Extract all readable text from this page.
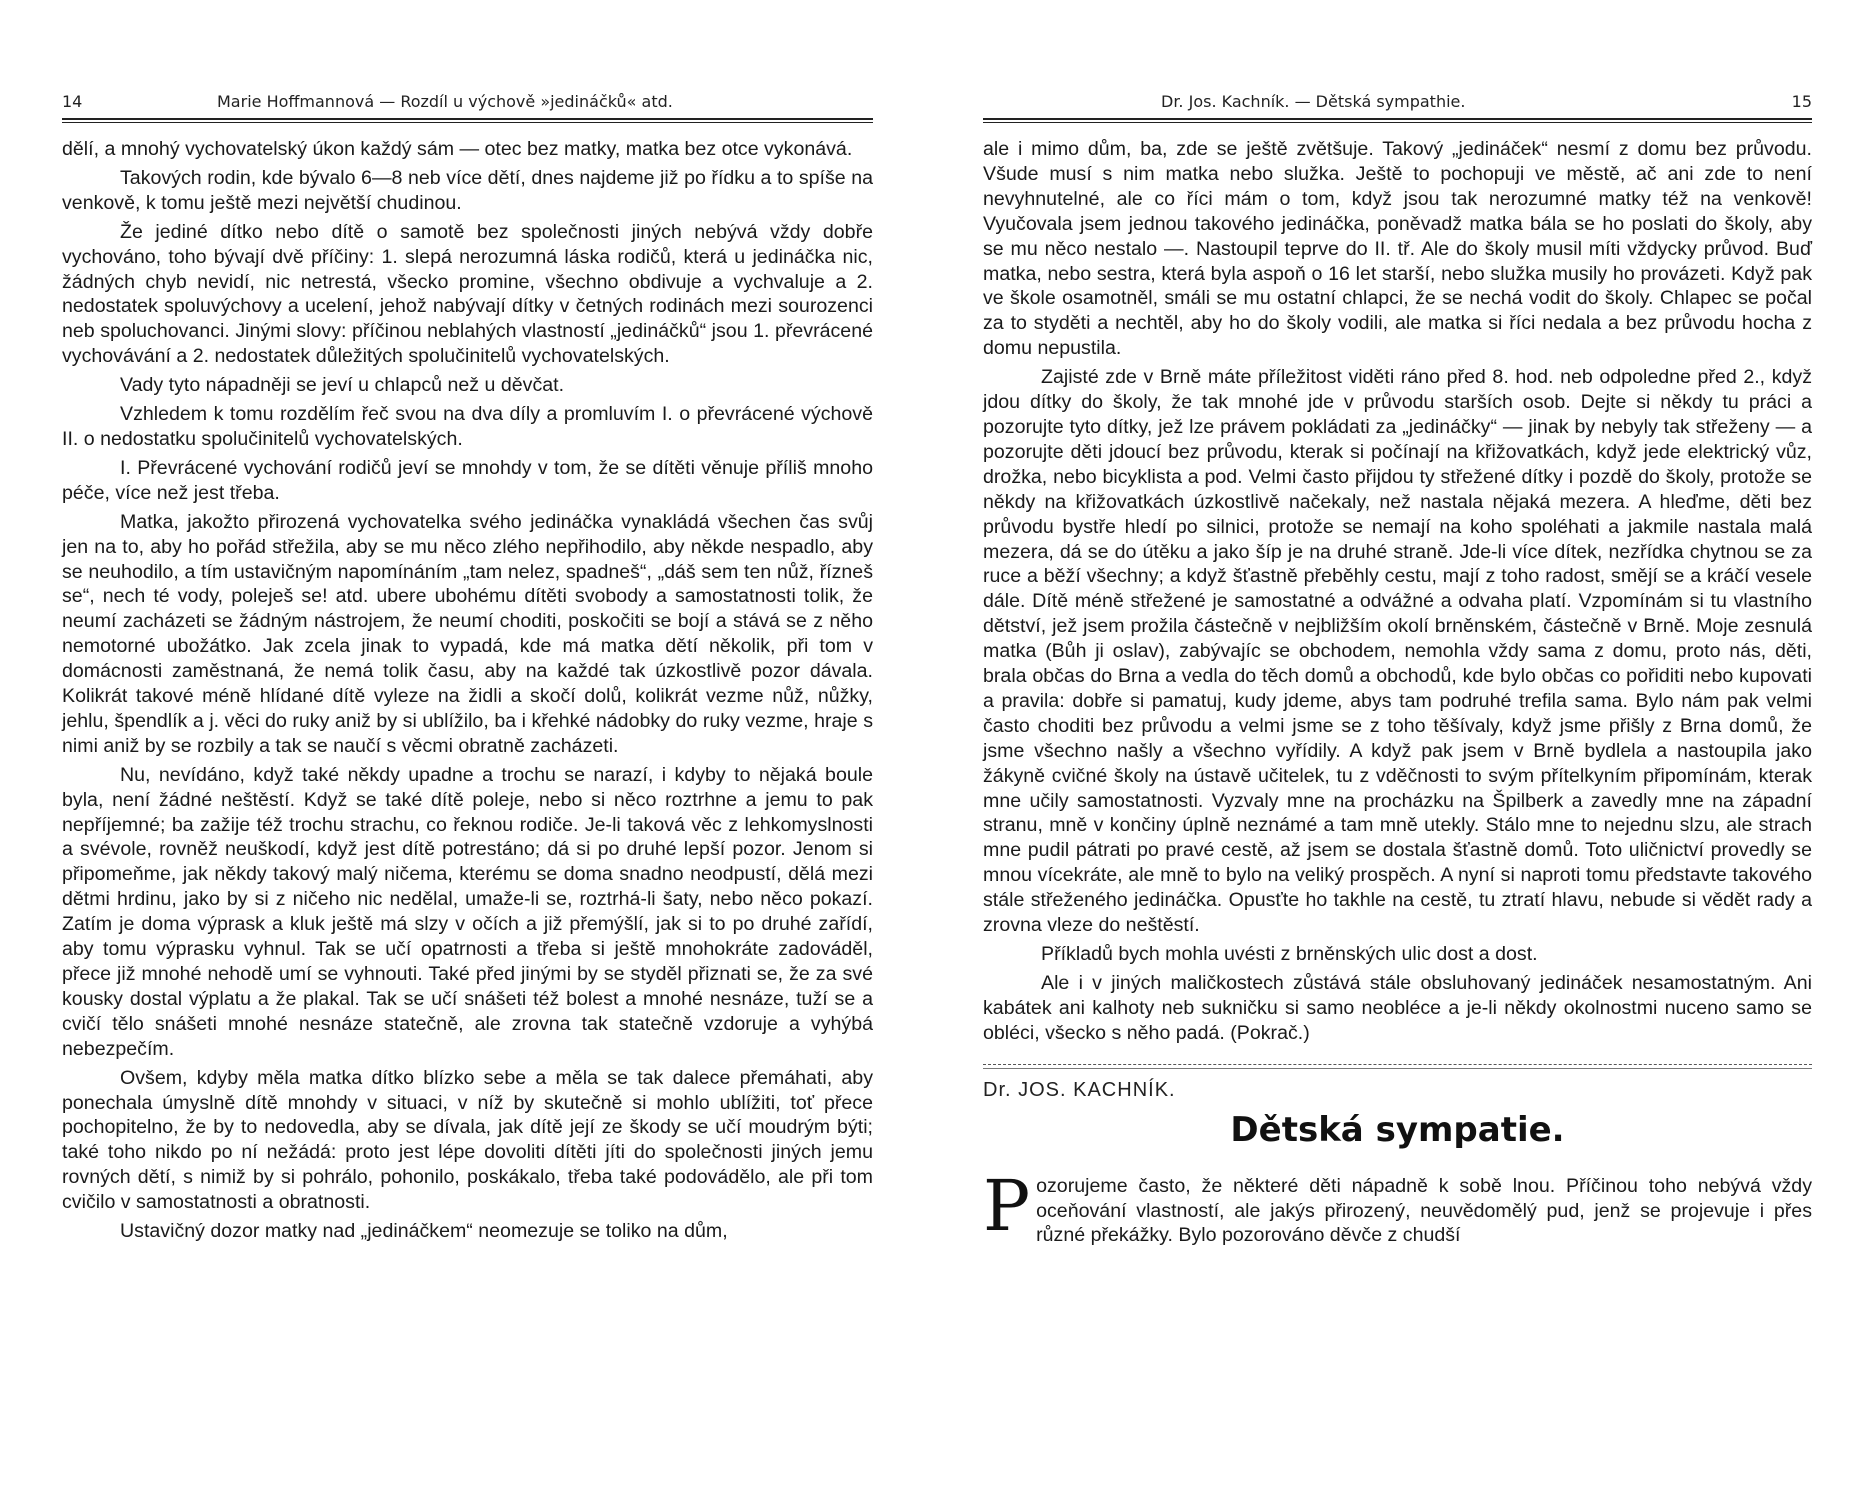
14	Marie Hoffmannová — Rozdíl u výchově »jedináčků« atd.

dělí, a mnohý vychovatelský úkon každý sám — otec bez matky, matka bez otce vykonává.

Takových rodin, kde bývalo 6—8 neb více dětí, dnes najdeme již po řídku a to spíše na venkově, k tomu ještě mezi největší chudinou.

Že jediné dítko nebo dítě o samotě bez společnosti jiných nebývá vždy dobře vychováno, toho bývají dvě příčiny: 1. slepá nerozumná láska rodičů, která u jedináčka nic, žádných chyb nevidí, nic netrestá, všecko promine, všechno obdivuje a vychvaluje a 2. nedostatek spoluvýchovy a ucelení, jehož nabývají dítky v četných rodinách mezi sourozenci neb spoluchovanci. Jinými slovy: příčinou neblahých vlastností „jedináčků“ jsou 1. převrácené vychovávání a 2. nedostatek důležitých spolučinitelů vychovatelských.

Vady tyto nápadněji se jeví u chlapců než u děvčat.

Vzhledem k tomu rozdělím řeč svou na dva díly a promluvím I. o převrácené výchově II. o nedostatku spolučinitelů vychovatelských.

I. Převrácené vychování rodičů jeví se mnohdy v tom, že se dítěti věnuje příliš mnoho péče, více než jest třeba.

Matka, jakožto přirozená vychovatelka svého jedináčka vynakládá všechen čas svůj jen na to, aby ho pořád střežila, aby se mu něco zlého nepřihodilo, aby někde nespadlo, aby se neuhodilo, a tím ustavičným napomínáním „tam nelez, spadneš“, „dáš sem ten nůž, řízneš se“, nech té vody, poleješ se! atd. ubere ubohému dítěti svobody a samostatnosti tolik, že neumí zacházeti se žádným nástrojem, že neumí choditi, poskočiti se bojí a stává se z něho nemotorné ubožátko. Jak zcela jinak to vypadá, kde má matka dětí několik, při tom v domácnosti zaměstnaná, že nemá tolik času, aby na každé tak úzkostlivě pozor dávala. Kolikrát takové méně hlídané dítě vyleze na židli a skočí dolů, kolikrát vezme nůž, nůžky, jehlu, špendlík a j. věci do ruky aniž by si ublížilo, ba i křehké nádobky do ruky vezme, hraje s nimi aniž by se rozbily a tak se naučí s věcmi obratně zacházeti.

Nu, nevídáno, když také někdy upadne a trochu se narazí, i kdyby to nějaká boule byla, není žádné neštěstí. Když se také dítě poleje, nebo si něco roztrhne a jemu to pak nepříjemné; ba zažije též trochu strachu, co řeknou rodiče. Je-li taková věc z lehkomyslnosti a svévole, rovněž neuškodí, když jest dítě potrestáno; dá si po druhé lepší pozor. Jenom si připomeňme, jak někdy takový malý ničema, kterému se doma snadno neodpustí, dělá mezi dětmi hrdinu, jako by si z ničeho nic nedělal, umaže-li se, roztrhá-li šaty, nebo něco pokazí. Zatím je doma výprask a kluk ještě má slzy v očích a již přemýšlí, jak si to po druhé zařídí, aby tomu výprasku vyhnul. Tak se učí opatrnosti a třeba si ještě mnohokráte zadováděl, přece již mnohé nehodě umí se vyhnouti. Také před jinými by se styděl přiznati se, že za své kousky dostal výplatu a že plakal. Tak se učí snášeti též bolest a mnohé nesnáze, tuží se a cvičí tělo snášeti mnohé nesnáze statečně, ale zrovna tak statečně vzdoruje a vyhýbá nebezpečím.

Ovšem, kdyby měla matka dítko blízko sebe a měla se tak dalece přemáhati, aby ponechala úmyslně dítě mnohdy v situaci, v níž by skutečně si mohlo ublížiti, toť přece pochopitelno, že by to nedovedla, aby se dívala, jak dítě její ze škody se učí moudrým býti; také toho nikdo po ní nežádá: proto jest lépe dovoliti dítěti jíti do společnosti jiných jemu rovných dětí, s nimiž by si pohrálo, pohonilo, poskákalo, třeba také podovádělo, ale při tom cvičilo v samostatnosti a obratnosti.

Ustavičný dozor matky nad „jedináčkem“ neomezuje se toliko na dům,

Dr. Jos. Kachník. — Dětská sympathie.	15

ale i mimo dům, ba, zde se ještě zvětšuje. Takový „jedináček“ nesmí z domu bez průvodu. Všude musí s nim matka nebo služka. Ještě to pochopuji ve městě, ač ani zde to není nevyhnutelné, ale co říci mám o tom, když jsou tak nerozumné matky též na venkově! Vyučovala jsem jednou takového jedináčka, poněvadž matka bála se ho poslati do školy, aby se mu něco nestalo —. Nastoupil teprve do II. tř. Ale do školy musil míti vždycky průvod. Buď matka, nebo sestra, která byla aspoň o 16 let starší, nebo služka musily ho provázeti. Když pak ve škole osamotněl, smáli se mu ostatní chlapci, že se nechá vodit do školy. Chlapec se počal za to styděti a nechtěl, aby ho do školy vodili, ale matka si říci nedala a bez průvodu hocha z domu nepustila.

Zajisté zde v Brně máte příležitost viděti ráno před 8. hod. neb odpoledne před 2., když jdou dítky do školy, že tak mnohé jde v průvodu starších osob. Dejte si někdy tu práci a pozorujte tyto dítky, jež lze právem pokládati za „jedináčky“ — jinak by nebyly tak střeženy — a pozorujte děti jdoucí bez průvodu, kterak si počínají na křižovatkách, když jede elektrický vůz, drožka, nebo bicyklista a pod. Velmi často přijdou ty střežené dítky i pozdě do školy, protože se někdy na křižovatkách úzkostlivě načekaly, než nastala nějaká mezera. A hleďme, děti bez průvodu bystře hledí po silnici, protože se nemají na koho spoléhati a jakmile nastala malá mezera, dá se do útěku a jako šíp je na druhé straně. Jde-li více dítek, nezřídka chytnou se za ruce a běží všechny; a když šťastně přeběhly cestu, mají z toho radost, smějí se a kráčí vesele dále. Dítě méně střežené je samostatné a odvážné a odvaha platí. Vzpomínám si tu vlastního dětství, jež jsem prožila částečně v nejbližším okolí brněnském, částečně v Brně. Moje zesnulá matka (Bůh ji oslav), zabývajíc se obchodem, nemohla vždy sama z domu, proto nás, děti, brala občas do Brna a vedla do těch domů a obchodů, kde bylo občas co pořiditi nebo kupovati a pravila: dobře si pamatuj, kudy jdeme, abys tam podruhé trefila sama. Bylo nám pak velmi často choditi bez průvodu a velmi jsme se z toho těšívaly, když jsme přišly z Brna domů, že jsme všechno našly a všechno vyřídily. A když pak jsem v Brně bydlela a nastoupila jako žákyně cvičné školy na ústavě učitelek, tu z vděčnosti to svým přítelkyním připomínám, kterak mne učily samostatnosti. Vyzvaly mne na procházku na Špilberk a zavedly mne na západní stranu, mně v končiny úplně neznámé a tam mně utekly. Stálo mne to nejednu slzu, ale strach mne pudil pátrati po pravé cestě, až jsem se dostala šťastně domů. Toto uličnictví provedly se mnou vícekráte, ale mně to bylo na veliký prospěch. A nyní si naproti tomu představte takového stále střeženého jedináčka. Opusťte ho takhle na cestě, tu ztratí hlavu, nebude si vědět rady a zrovna vleze do neštěstí.

Příkladů bych mohla uvésti z brněnských ulic dost a dost.

Ale i v jiných maličkostech zůstává stále obsluhovaný jedináček nesamostatným. Ani kabátek ani kalhoty neb sukničku si samo neobléce a je-li někdy okolnostmi nuceno samo se obléci, všecko s něho padá. (Pokrač.)

Dr. JOS. KACHNÍK.
Dětská sympatie.

Pozorujeme často, že některé děti nápadně k sobě lnou. Příčinou toho nebývá vždy oceňování vlastností, ale jakýs přirozený, neuvědomělý pud, jenž se projevuje i přes různé překážky. Bylo pozorováno děvče z chudší
